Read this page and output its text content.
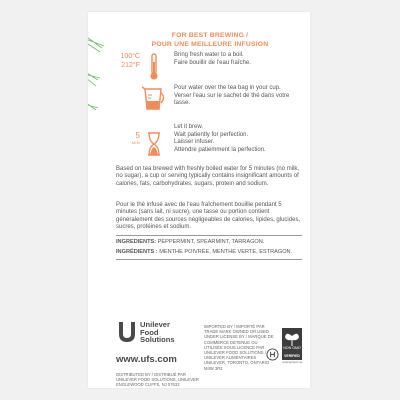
FOR BEST BREWING /
POUR UNE MEILLEURE INFUSION
100°C
212°F

Bring fresh water to a boil.

Faire bouillir de l'eau fraîche.

Pour water over the tea bag in your cup.

Verser l'eau sur le sachet de thé dans votre tasse.

5
MIN

Let it brew.

Wait patiently for perfection.

Laisser infuser.

Attendre patiemment la perfection.

Based on tea brewed with freshly boiled water for 5 minutes (no milk, no sugar), a cup or serving typically contains insignificant amounts of calories, fats, carbohydrates, sugars, protein and sodium.
Pour le thé infusé avec de l'eau fraîchement bouillie pendant 5 minutes (sans lait, ni sucre), une tasse ou portion contient généralement des sources négligeables de calories, lipides, glucides, sucres, protéines et sodium.
INGREDIENTS: PEPPERMINT, SPEARMINT, TARRAGON.
INGRÉDIENTS : MENTHE POIVRÉE, MENTHE VERTE, ESTRAGON.
Unilever
Food
Solutions
www.ufs.com
DISTRIBUTED BY / DISTRIBUÉ PAR UNILEVER FOOD SOLUTIONS, UNILEVER ENGLEWOOD CLIFFS, NJ 07632
IMPORTED BY / IMPORTÉ PAR TRADE MARK OWNED OR USED UNDER LICENSE BY / MARQUE DE COMMERCE DÉTENUE OU UTILISÉE SOUS LICENCE PAR UNILEVER FOOD SOLUTIONS / UNILEVER ALIMENTAIRES UNILEVER, TORONTO, ONTARIO M4W 3R2
NON GMO
VERIFIED
nongmoproject.org
